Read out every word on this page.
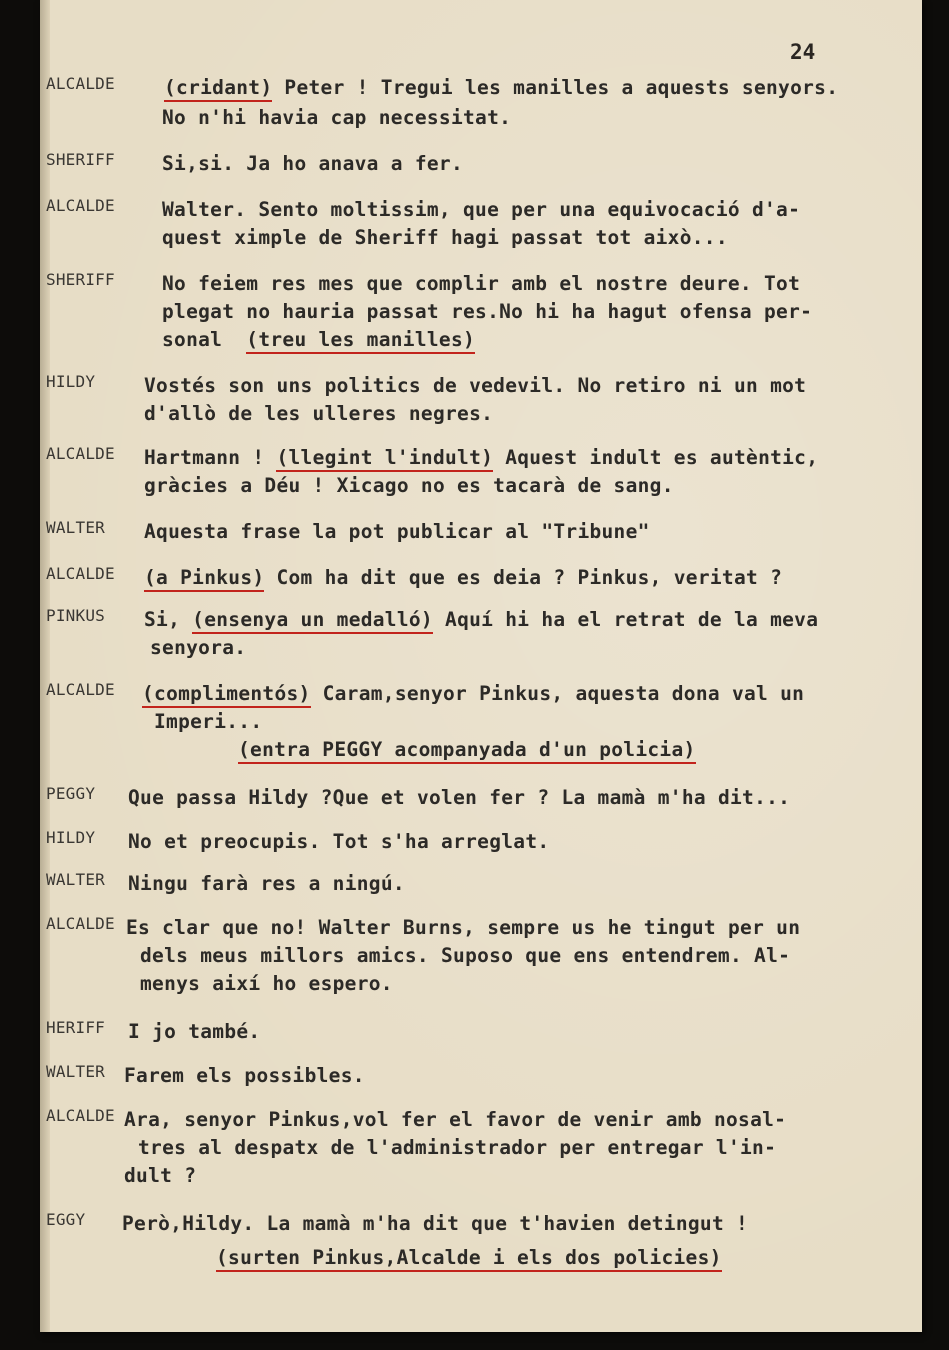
24
ALCALDE
SHERIFF
ALCALDE
SHERIFF
HILDY
ALCALDE
WALTER
ALCALDE
PINKUS
ALCALDE
PEGGY
HILDY
WALTER
ALCALDE
HERIFF
WALTER
ALCALDE
EGGY
(cridant) Peter ! Tregui les manilles a aquests senyors.
No n'hi havia cap necessitat.
Si,si. Ja ho anava a fer.
Walter. Sento moltissim, que per una equivocació d'a-
quest ximple de Sheriff hagi passat tot això...
No feiem res mes que complir amb el nostre deure. Tot
plegat no hauria passat res.No hi ha hagut ofensa per-
sonal  (treu les manilles)
Vostés son uns politics de vedevil. No retiro ni un mot
d'allò de les ulleres negres.
Hartmann ! (llegint l'indult) Aquest indult es autèntic,
gràcies a Déu ! Xicago no es tacarà de sang.
Aquesta frase la pot publicar al "Tribune"
(a Pinkus) Com ha dit que es deia ? Pinkus, veritat ?
Si, (ensenya un medalló) Aquí hi ha el retrat de la meva
senyora.
(complimentós) Caram,senyor Pinkus, aquesta dona val un
Imperi...
(entra PEGGY acompanyada d'un policia)
Que passa Hildy ?Que et volen fer ? La mamà m'ha dit...
No et preocupis. Tot s'ha arreglat.
Ningu farà res a ningú.
Es clar que no! Walter Burns, sempre us he tingut per un
dels meus millors amics. Suposo que ens entendrem. Al-
menys així ho espero.
I jo també.
Farem els possibles.
Ara, senyor Pinkus,vol fer el favor de venir amb nosal-
tres al despatx de l'administrador per entregar l'in-
dult ?
Però,Hildy. La mamà m'ha dit que t'havien detingut !
(surten Pinkus,Alcalde i els dos policies)
